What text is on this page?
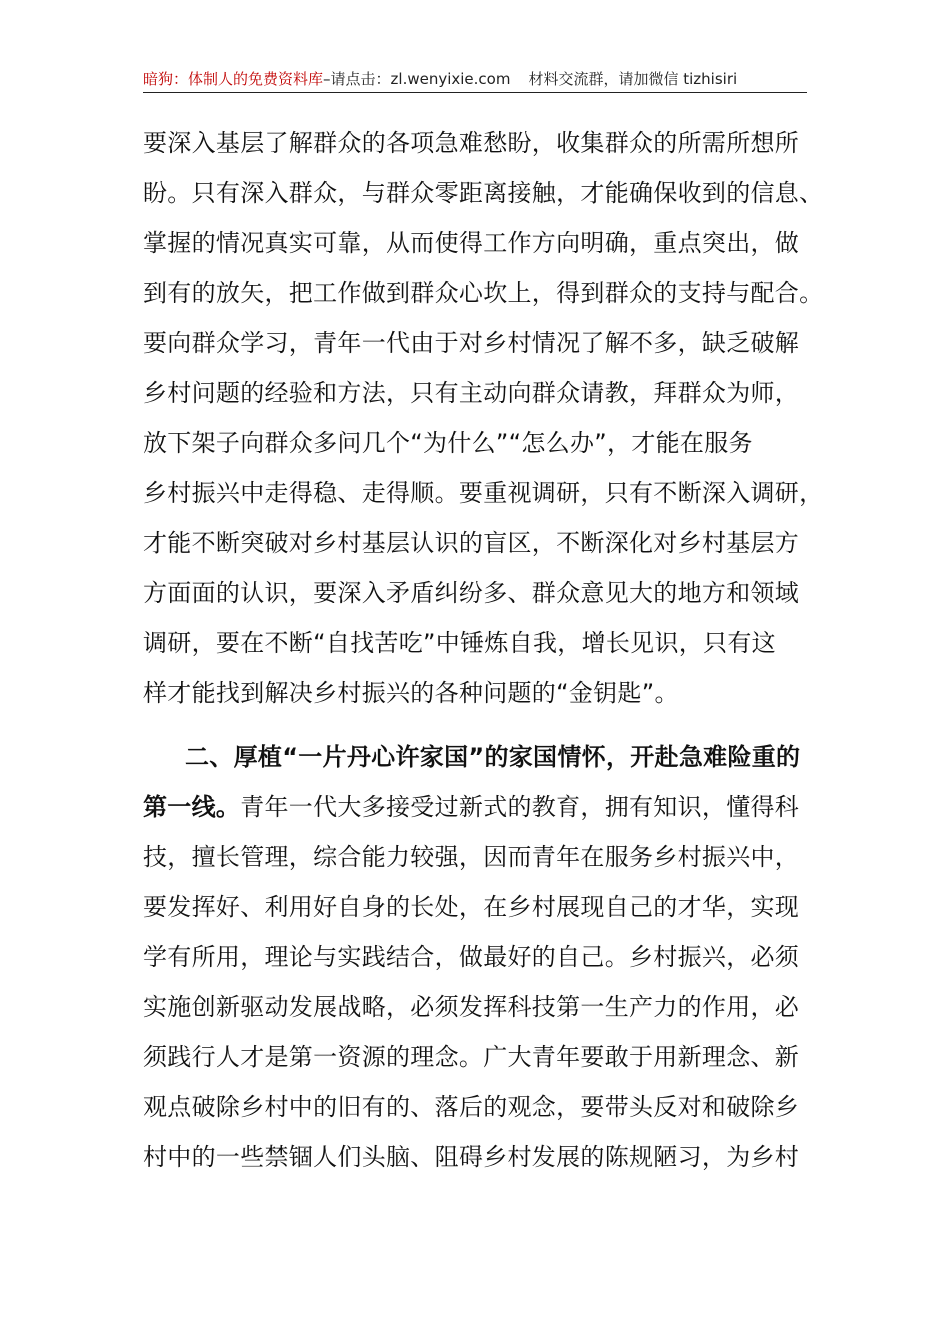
暗狗：体制人的免费资料库–请点击：zl.wenyixie.com 材料交流群，请加微信 tizhisiri
要深入基层了解群众的各项急难愁盼，收集群众的所需所想所
盼。只有深入群众，与群众零距离接触，才能确保收到的信息、
掌握的情况真实可靠，从而使得工作方向明确，重点突出，做
到有的放矢，把工作做到群众心坎上，得到群众的支持与配合。
要向群众学习，青年一代由于对乡村情况了解不多，缺乏破解
乡村问题的经验和方法，只有主动向群众请教，拜群众为师，
放下架子向群众多问几个“为什么”“怎么办”，才能在服务
乡村振兴中走得稳、走得顺。要重视调研，只有不断深入调研，
才能不断突破对乡村基层认识的盲区，不断深化对乡村基层方
方面面的认识，要深入矛盾纠纷多、群众意见大的地方和领域
调研，要在不断“自找苦吃”中锤炼自我，增长见识，只有这
样才能找到解决乡村振兴的各种问题的“金钥匙”。
二、厚植“一片丹心许家国”的家国情怀，开赴急难险重的
第一线。青年一代大多接受过新式的教育，拥有知识，懂得科
技，擅长管理，综合能力较强，因而青年在服务乡村振兴中，
要发挥好、利用好自身的长处，在乡村展现自己的才华，实现
学有所用，理论与实践结合，做最好的自己。乡村振兴，必须
实施创新驱动发展战略，必须发挥科技第一生产力的作用，必
须践行人才是第一资源的理念。广大青年要敢于用新理念、新
观点破除乡村中的旧有的、落后的观念，要带头反对和破除乡
村中的一些禁锢人们头脑、阻碍乡村发展的陈规陋习，为乡村
